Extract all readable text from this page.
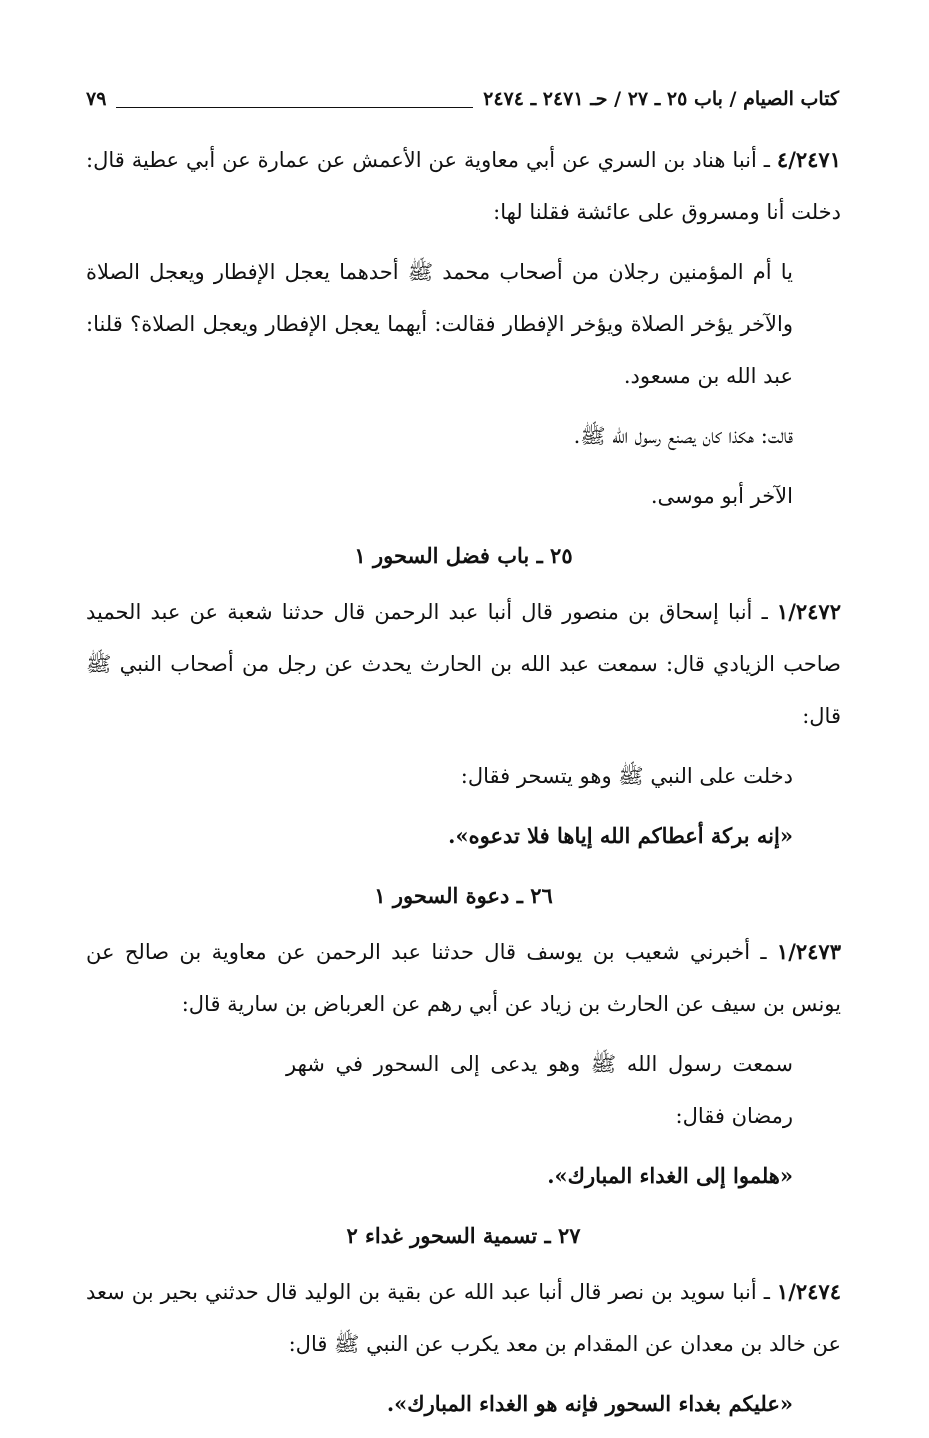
كتاب الصيام / باب ٢٥ ـ ٢٧ / حـ ٢٤٧١ ـ ٢٤٧٤
٧٩
٤/٢٤٧١ ـ أنبا هناد بن السري عن أبي معاوية عن الأعمش عن عمارة عن أبي عطية قال: دخلت أنا ومسروق على عائشة فقلنا لها:
يا أم المؤمنين رجلان من أصحاب محمد ﷺ أحدهما يعجل الإفطار ويعجل الصلاة والآخر يؤخر الصلاة ويؤخر الإفطار فقالت: أيهما يعجل الإفطار ويعجل الصلاة؟ قلنا: عبد الله بن مسعود.
قالت: هكذا كان يصنع رسول الله ﷺ.
الآخر أبو موسى.
٢٥ ـ باب فضل السحور ١
١/٢٤٧٢ ـ أنبا إسحاق بن منصور قال أنبا عبد الرحمن قال حدثنا شعبة عن عبد الحميد صاحب الزيادي قال: سمعت عبد الله بن الحارث يحدث عن رجل من أصحاب النبي ﷺ قال:
دخلت على النبي ﷺ وهو يتسحر فقال:
«إنه بركة أعطاكم الله إياها فلا تدعوه».
٢٦ ـ دعوة السحور ١
١/٢٤٧٣ ـ أخبرني شعيب بن يوسف قال حدثنا عبد الرحمن عن معاوية بن صالح عن يونس بن سيف عن الحارث بن زياد عن أبي رهم عن العرباض بن سارية قال:
سمعت رسول الله ﷺ وهو يدعى إلى السحور في شهر رمضان فقال:
«هلموا إلى الغداء المبارك».
٢٧ ـ تسمية السحور غداء ٢
١/٢٤٧٤ ـ أنبا سويد بن نصر قال أنبا عبد الله عن بقية بن الوليد قال حدثني بحير بن سعد عن خالد بن معدان عن المقدام بن معد يكرب عن النبي ﷺ قال:
«عليكم بغداء السحور فإنه هو الغداء المبارك».
